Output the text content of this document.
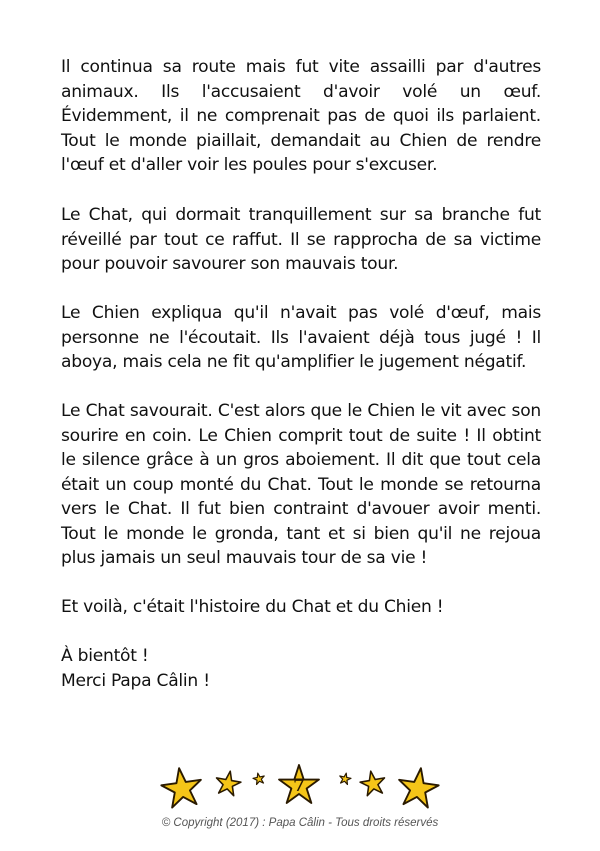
Il continua sa route mais fut vite assailli par d'autres animaux. Ils l'accusaient d'avoir volé un œuf. Évidemment, il ne comprenait pas de quoi ils parlaient. Tout le monde piaillait, demandait au Chien de rendre l'œuf et d'aller voir les poules pour s'excuser.

Le Chat, qui dormait tranquillement sur sa branche fut réveillé par tout ce raffut. Il se rapprocha de sa victime pour pouvoir savourer son mauvais tour.

Le Chien expliqua qu'il n'avait pas volé d'œuf, mais personne ne l'écoutait. Ils l'avaient déjà tous jugé ! Il aboya, mais cela ne fit qu'amplifier le jugement négatif.

Le Chat savourait. C'est alors que le Chien le vit avec son sourire en coin. Le Chien comprit tout de suite ! Il obtint le silence grâce à un gros aboiement. Il dit que tout cela était un coup monté du Chat. Tout le monde se retourna vers le Chat. Il fut bien contraint d'avouer avoir menti. Tout le monde le gronda, tant et si bien qu'il ne rejoua plus jamais un seul mauvais tour de sa vie !

Et voilà, c'était l'histoire du Chat et du Chien !

À bientôt !
Merci Papa Câlin !
7
© Copyright (2017) : Papa Câlin - Tous droits réservés
